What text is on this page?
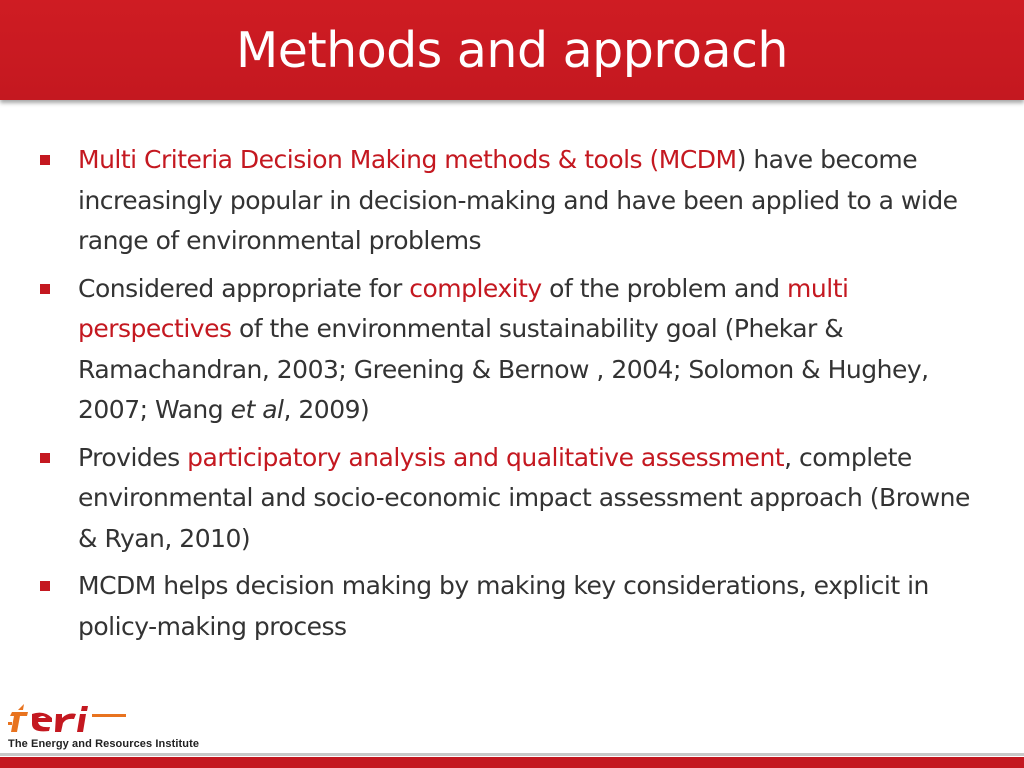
Methods and approach
Multi Criteria Decision Making methods & tools (MCDM) have become increasingly popular in decision-making and have been applied to a wide range of environmental problems
Considered appropriate for complexity of the problem and multi perspectives of the environmental sustainability goal (Phekar & Ramachandran, 2003; Greening & Bernow , 2004; Solomon & Hughey, 2007; Wang et al, 2009)
Provides participatory analysis and qualitative assessment, complete environmental and socio-economic impact assessment approach (Browne & Ryan, 2010)
MCDM helps decision making by making key considerations, explicit in policy-making process
The Energy and Resources Institute
